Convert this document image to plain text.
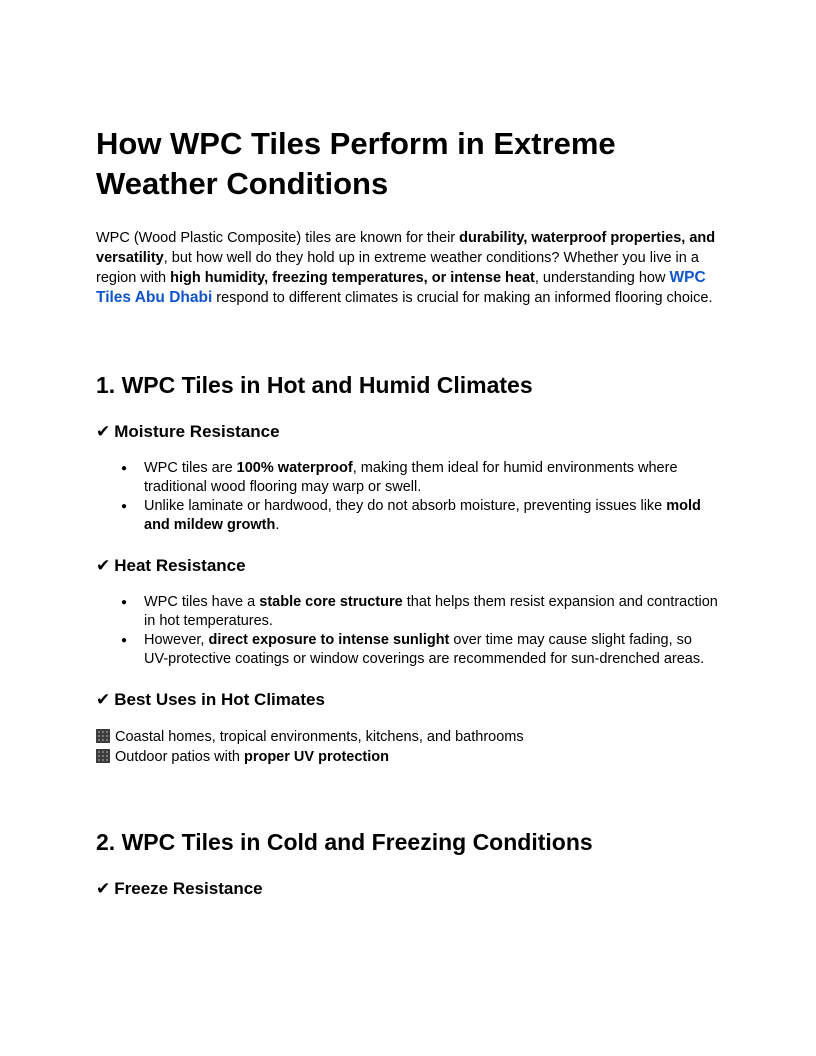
How WPC Tiles Perform in Extreme Weather Conditions

WPC (Wood Plastic Composite) tiles are known for their durability, waterproof properties, and versatility, but how well do they hold up in extreme weather conditions? Whether you live in a region with high humidity, freezing temperatures, or intense heat, understanding how WPC Tiles Abu Dhabi respond to different climates is crucial for making an informed flooring choice.

1. WPC Tiles in Hot and Humid Climates
✔ Moisture Resistance
● WPC tiles are 100% waterproof, making them ideal for humid environments where traditional wood flooring may warp or swell.
● Unlike laminate or hardwood, they do not absorb moisture, preventing issues like mold and mildew growth.
✔ Heat Resistance
● WPC tiles have a stable core structure that helps them resist expansion and contraction in hot temperatures.
● However, direct exposure to intense sunlight over time may cause slight fading, so UV-protective coatings or window coverings are recommended for sun-drenched areas.
✔ Best Uses in Hot Climates
Coastal homes, tropical environments, kitchens, and bathrooms
Outdoor patios with proper UV protection
2. WPC Tiles in Cold and Freezing Conditions
✔ Freeze Resistance
